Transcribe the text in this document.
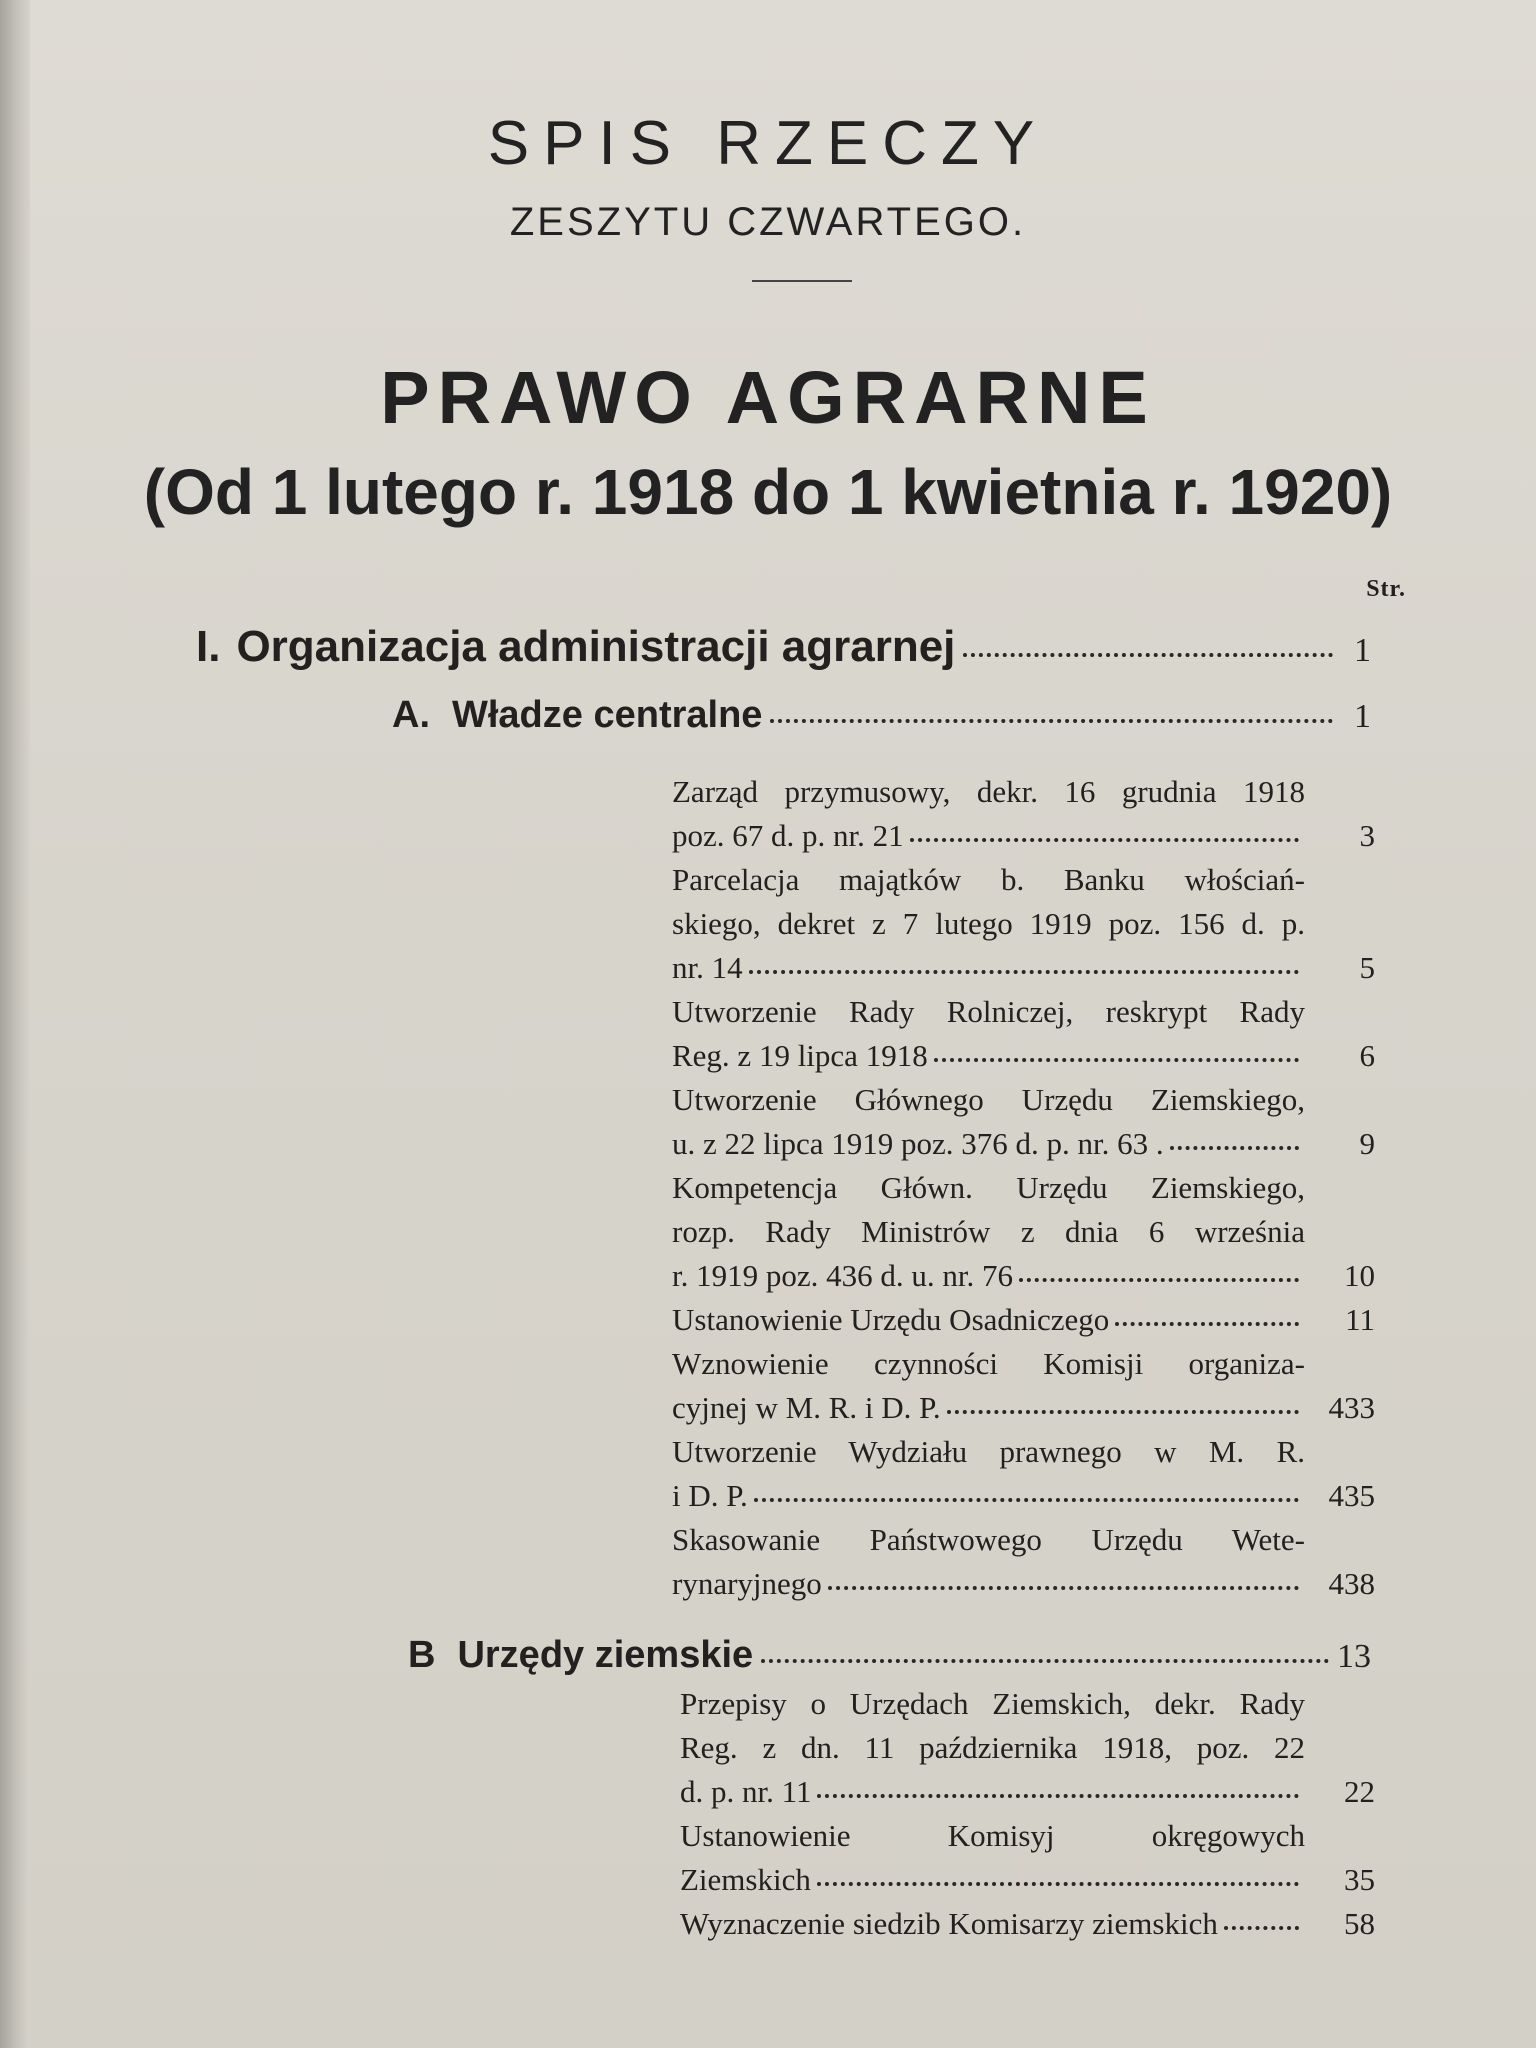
SPIS RZECZY
ZESZYTU CZWARTEGO.
PRAWO AGRARNE
(Od 1 lutego r. 1918 do 1 kwietnia r. 1920)
Str.
I. Organizacja administracji agrarnej	1
A. Władze centralne	1
Zarząd przymusowy, dekr. 16 grudnia 1918
poz. 67 d. p. nr. 21	3
Parcelacja majątków b. Banku włościań-
skiego, dekret z 7 lutego 1919 poz. 156 d. p.
nr. 14	5
Utworzenie Rady Rolniczej, reskrypt Rady
Reg. z 19 lipca 1918	6
Utworzenie Głównego Urzędu Ziemskiego,
u. z 22 lipca 1919 poz. 376 d. p. nr. 63 .	9
Kompetencja Główn. Urzędu Ziemskiego,
rozp. Rady Ministrów z dnia 6 września
r. 1919 poz. 436 d. u. nr. 76	10
Ustanowienie Urzędu Osadniczego	11
Wznowienie czynności Komisji organiza-
cyjnej w M. R. i D. P.	433
Utworzenie Wydziału prawnego w M. R.
i D. P.	435
Skasowanie Państwowego Urzędu Wete-
rynaryjnego	438
B Urzędy ziemskie	13
Przepisy o Urzędach Ziemskich, dekr. Rady
Reg. z dn. 11 października 1918, poz. 22
d. p. nr. 11	22
Ustanowienie Komisyj okręgowych
Ziemskich	35
Wyznaczenie siedzib Komisarzy ziemskich	58
